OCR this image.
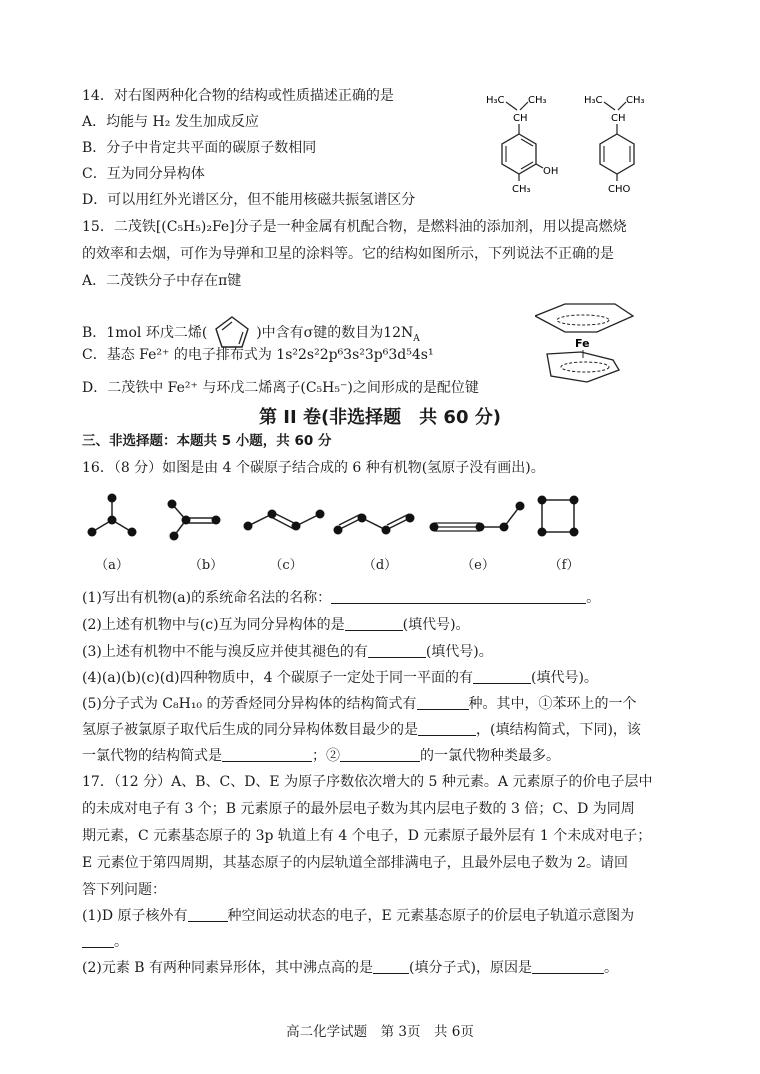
14．对右图两种化合物的结构或性质描述正确的是
A．均能与 H₂ 发生加成反应
B．分子中肯定共平面的碳原子数相同
C．互为同分异构体
D．可以用红外光谱区分，但不能用核磁共振氢谱区分
H₃C CH₃
CH
OH
CH₃
H₃C CH₃
CH
CHO
15．二茂铁[(C₅H₅)₂Fe]分子是一种金属有机配合物，是燃料油的添加剂，用以提高燃烧
的效率和去烟，可作为导弹和卫星的涂料等。它的结构如图所示，下列说法不正确的是
A．二茂铁分子中存在π键
B．1mol 环戊二烯(	)中含有σ键的数目为$12N_A$
C．基态 Fe²⁺ 的电子排布式为 1s²2s²2p⁶3s²3p⁶3d⁵4s¹
D．二茂铁中 Fe²⁺ 与环戊二烯离子(C₅H₅⁻)之间形成的是配位键
Fe
第 II 卷(非选择题　共 60 分)
三、非选择题：本题共 5 小题，共 60 分
16．（8 分）如图是由 4 个碳原子结合成的 6 种有机物(氢原子没有画出)。
（a）	（b）	（c）	（d）	（e）	（f）
(1)写出有机物(a)的系统命名法的名称：	。
(2)上述有机物中与(c)互为同分异构体的是	(填代号)。
(3)上述有机物中不能与溴反应并使其褪色的有	(填代号)。
(4)(a)(b)(c)(d)四种物质中，4 个碳原子一定处于同一平面的有	(填代号)。
(5)分子式为 C₈H₁₀ 的芳香烃同分异构体的结构简式有	种。其中，①苯环上的一个
氢原子被氯原子取代后生成的同分异构体数目最少的是	，(填结构简式，下同)，该
一氯代物的结构简式是	；②	的一氯代物种类最多。
17．（12 分）A、B、C、D、E 为原子序数依次增大的 5 种元素。A 元素原子的价电子层中
的未成对电子有 3 个；B 元素原子的最外层电子数为其内层电子数的 3 倍；C、D 为同周
期元素，C 元素基态原子的 3p 轨道上有 4 个电子，D 元素原子最外层有 1 个未成对电子；
E 元素位于第四周期，其基态原子的内层轨道全部排满电子，且最外层电子数为 2。请回
答下列问题：
(1)D 原子核外有	种空间运动状态的电子，E 元素基态原子的价层电子轨道示意图为
。
(2)元素 B 有两种同素异形体，其中沸点高的是	(填分子式)，原因是	。
高二化学试题　第 3页　共 6页
